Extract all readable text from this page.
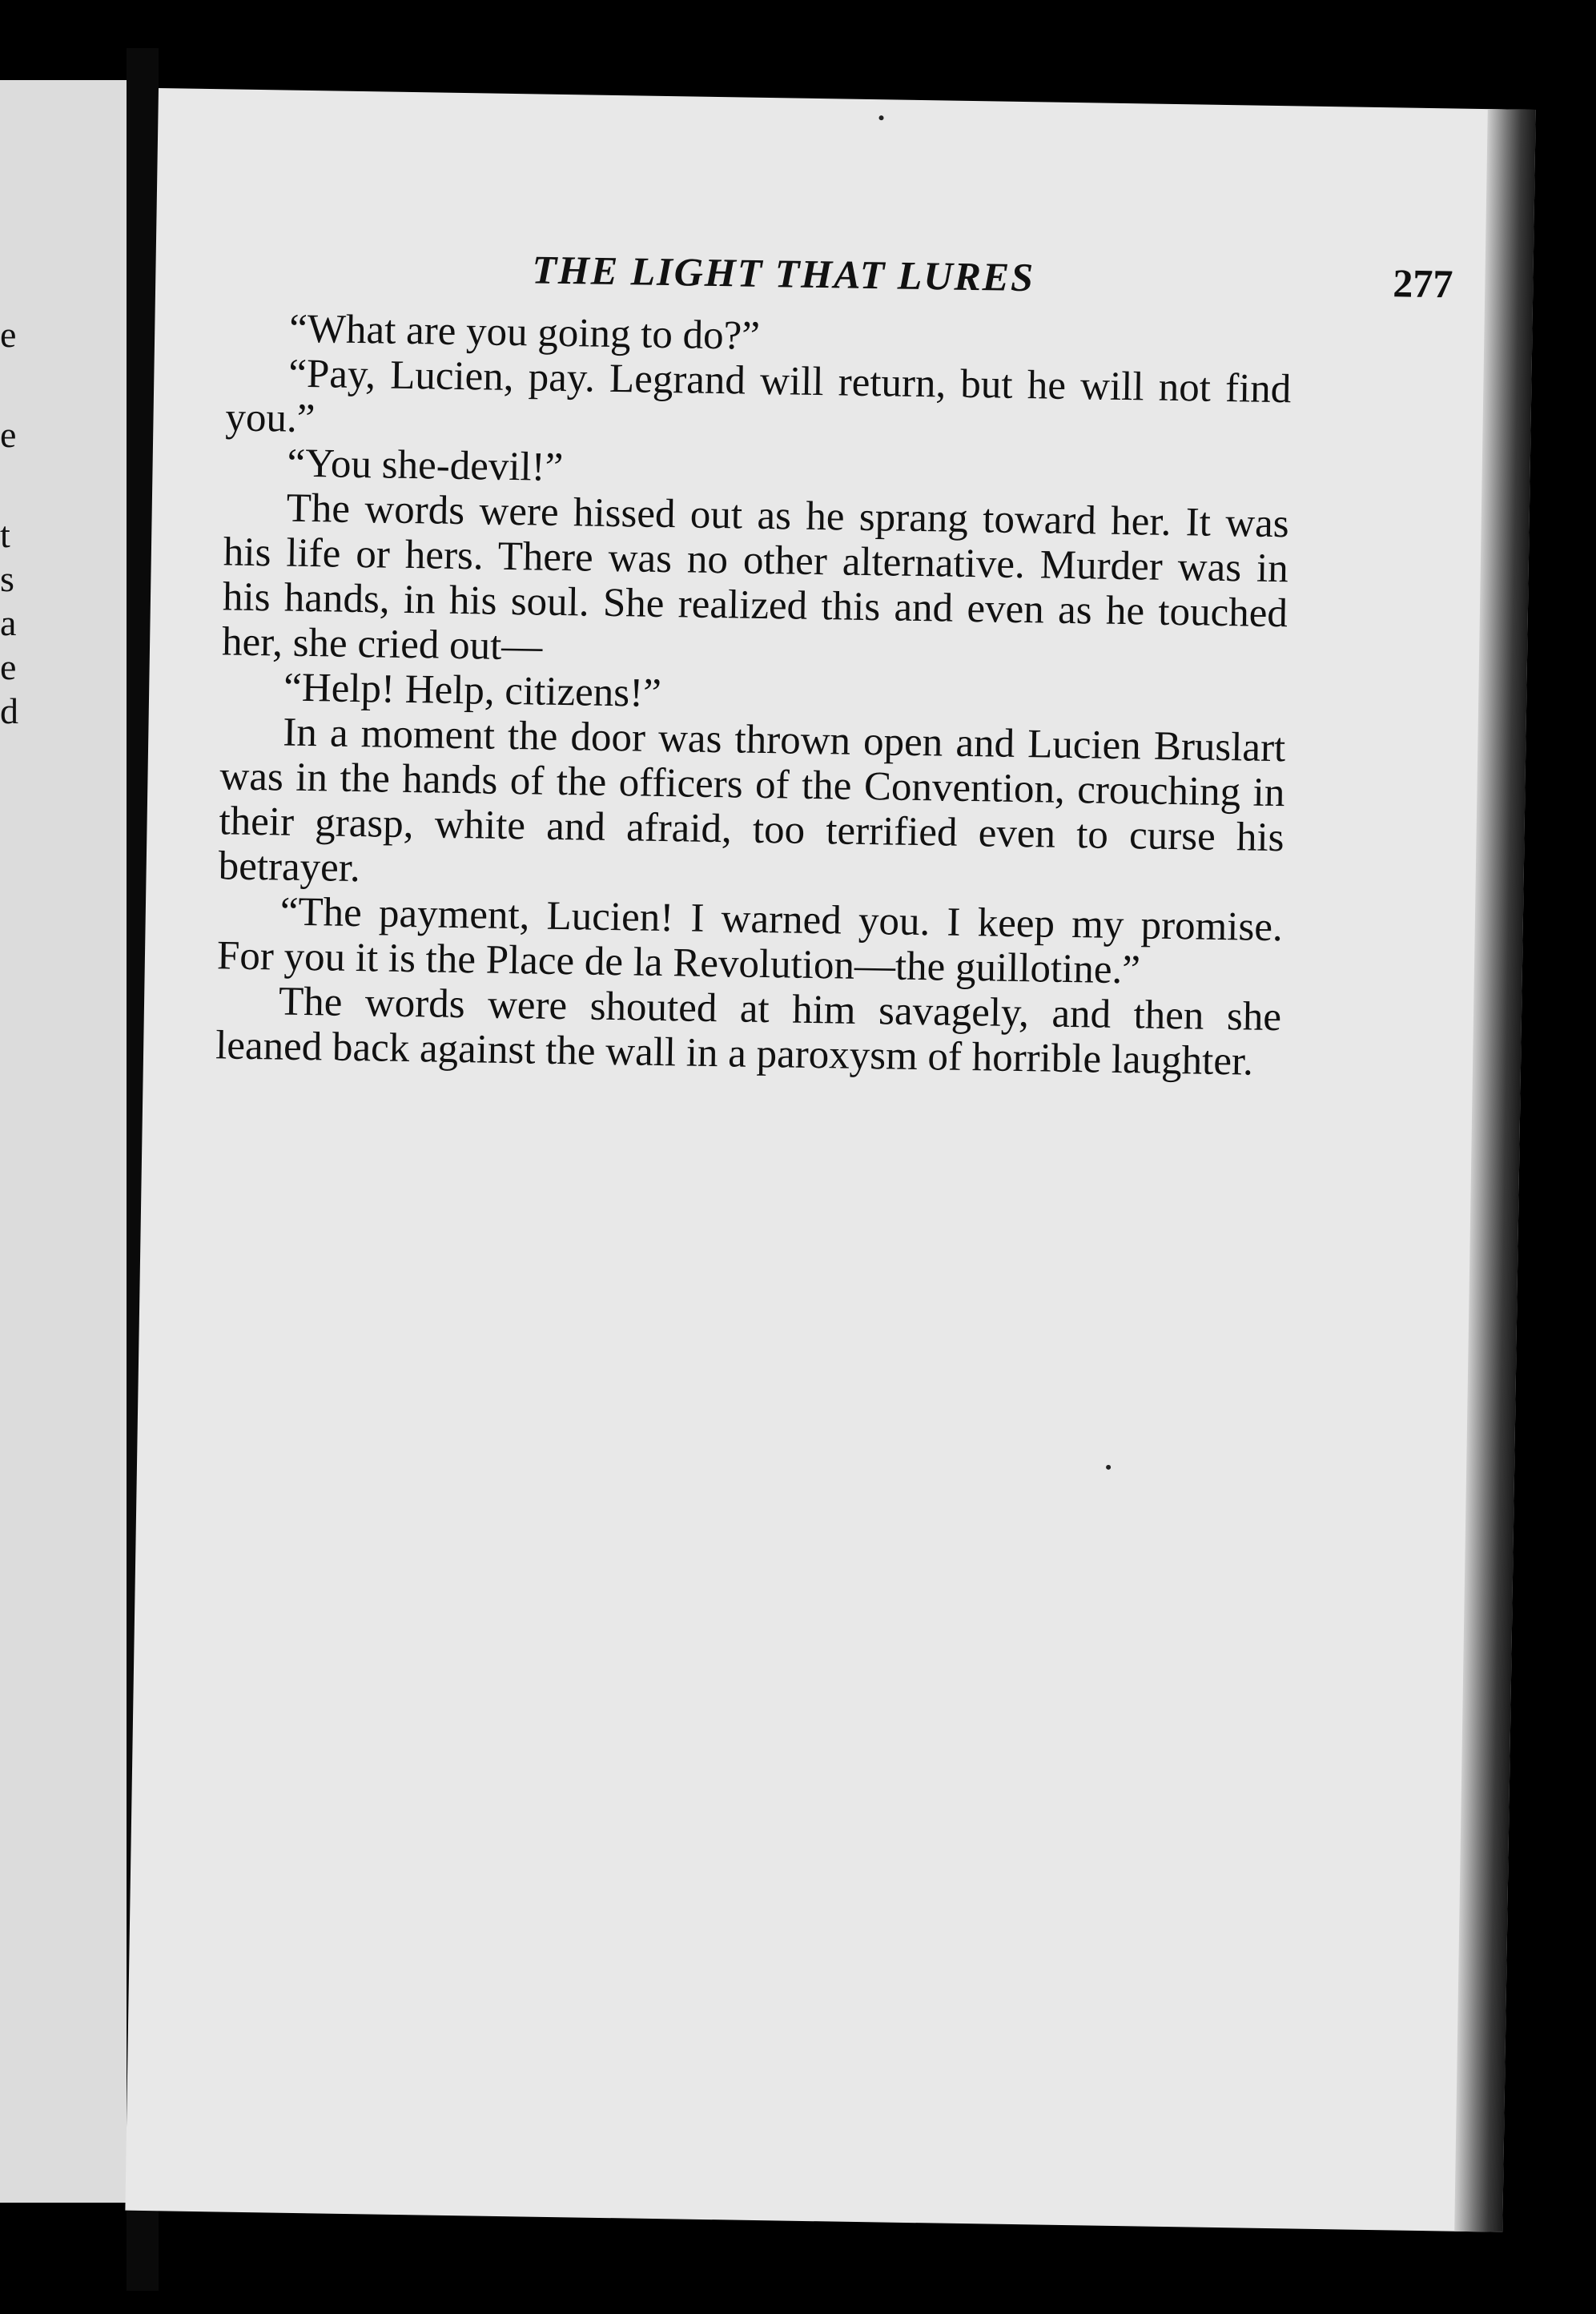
e
e
t
s
a
e
d
THE LIGHT THAT LURES	277

“What are you going to do?”

“Pay, Lucien, pay. Legrand will return, but he will not find you.”

“You she-devil!”

The words were hissed out as he sprang toward her. It was his life or hers. There was no other alternative. Murder was in his hands, in his soul. She realized this and even as he touched her, she cried out—

“Help! Help, citizens!”

In a moment the door was thrown open and Lucien Bruslart was in the hands of the officers of the Convention, crouching in their grasp, white and afraid, too terrified even to curse his betrayer.

“The payment, Lucien! I warned you. I keep my promise. For you it is the Place de la Revolution—the guillotine.”

The words were shouted at him savagely, and then she leaned back against the wall in a paroxysm of horrible laughter.
